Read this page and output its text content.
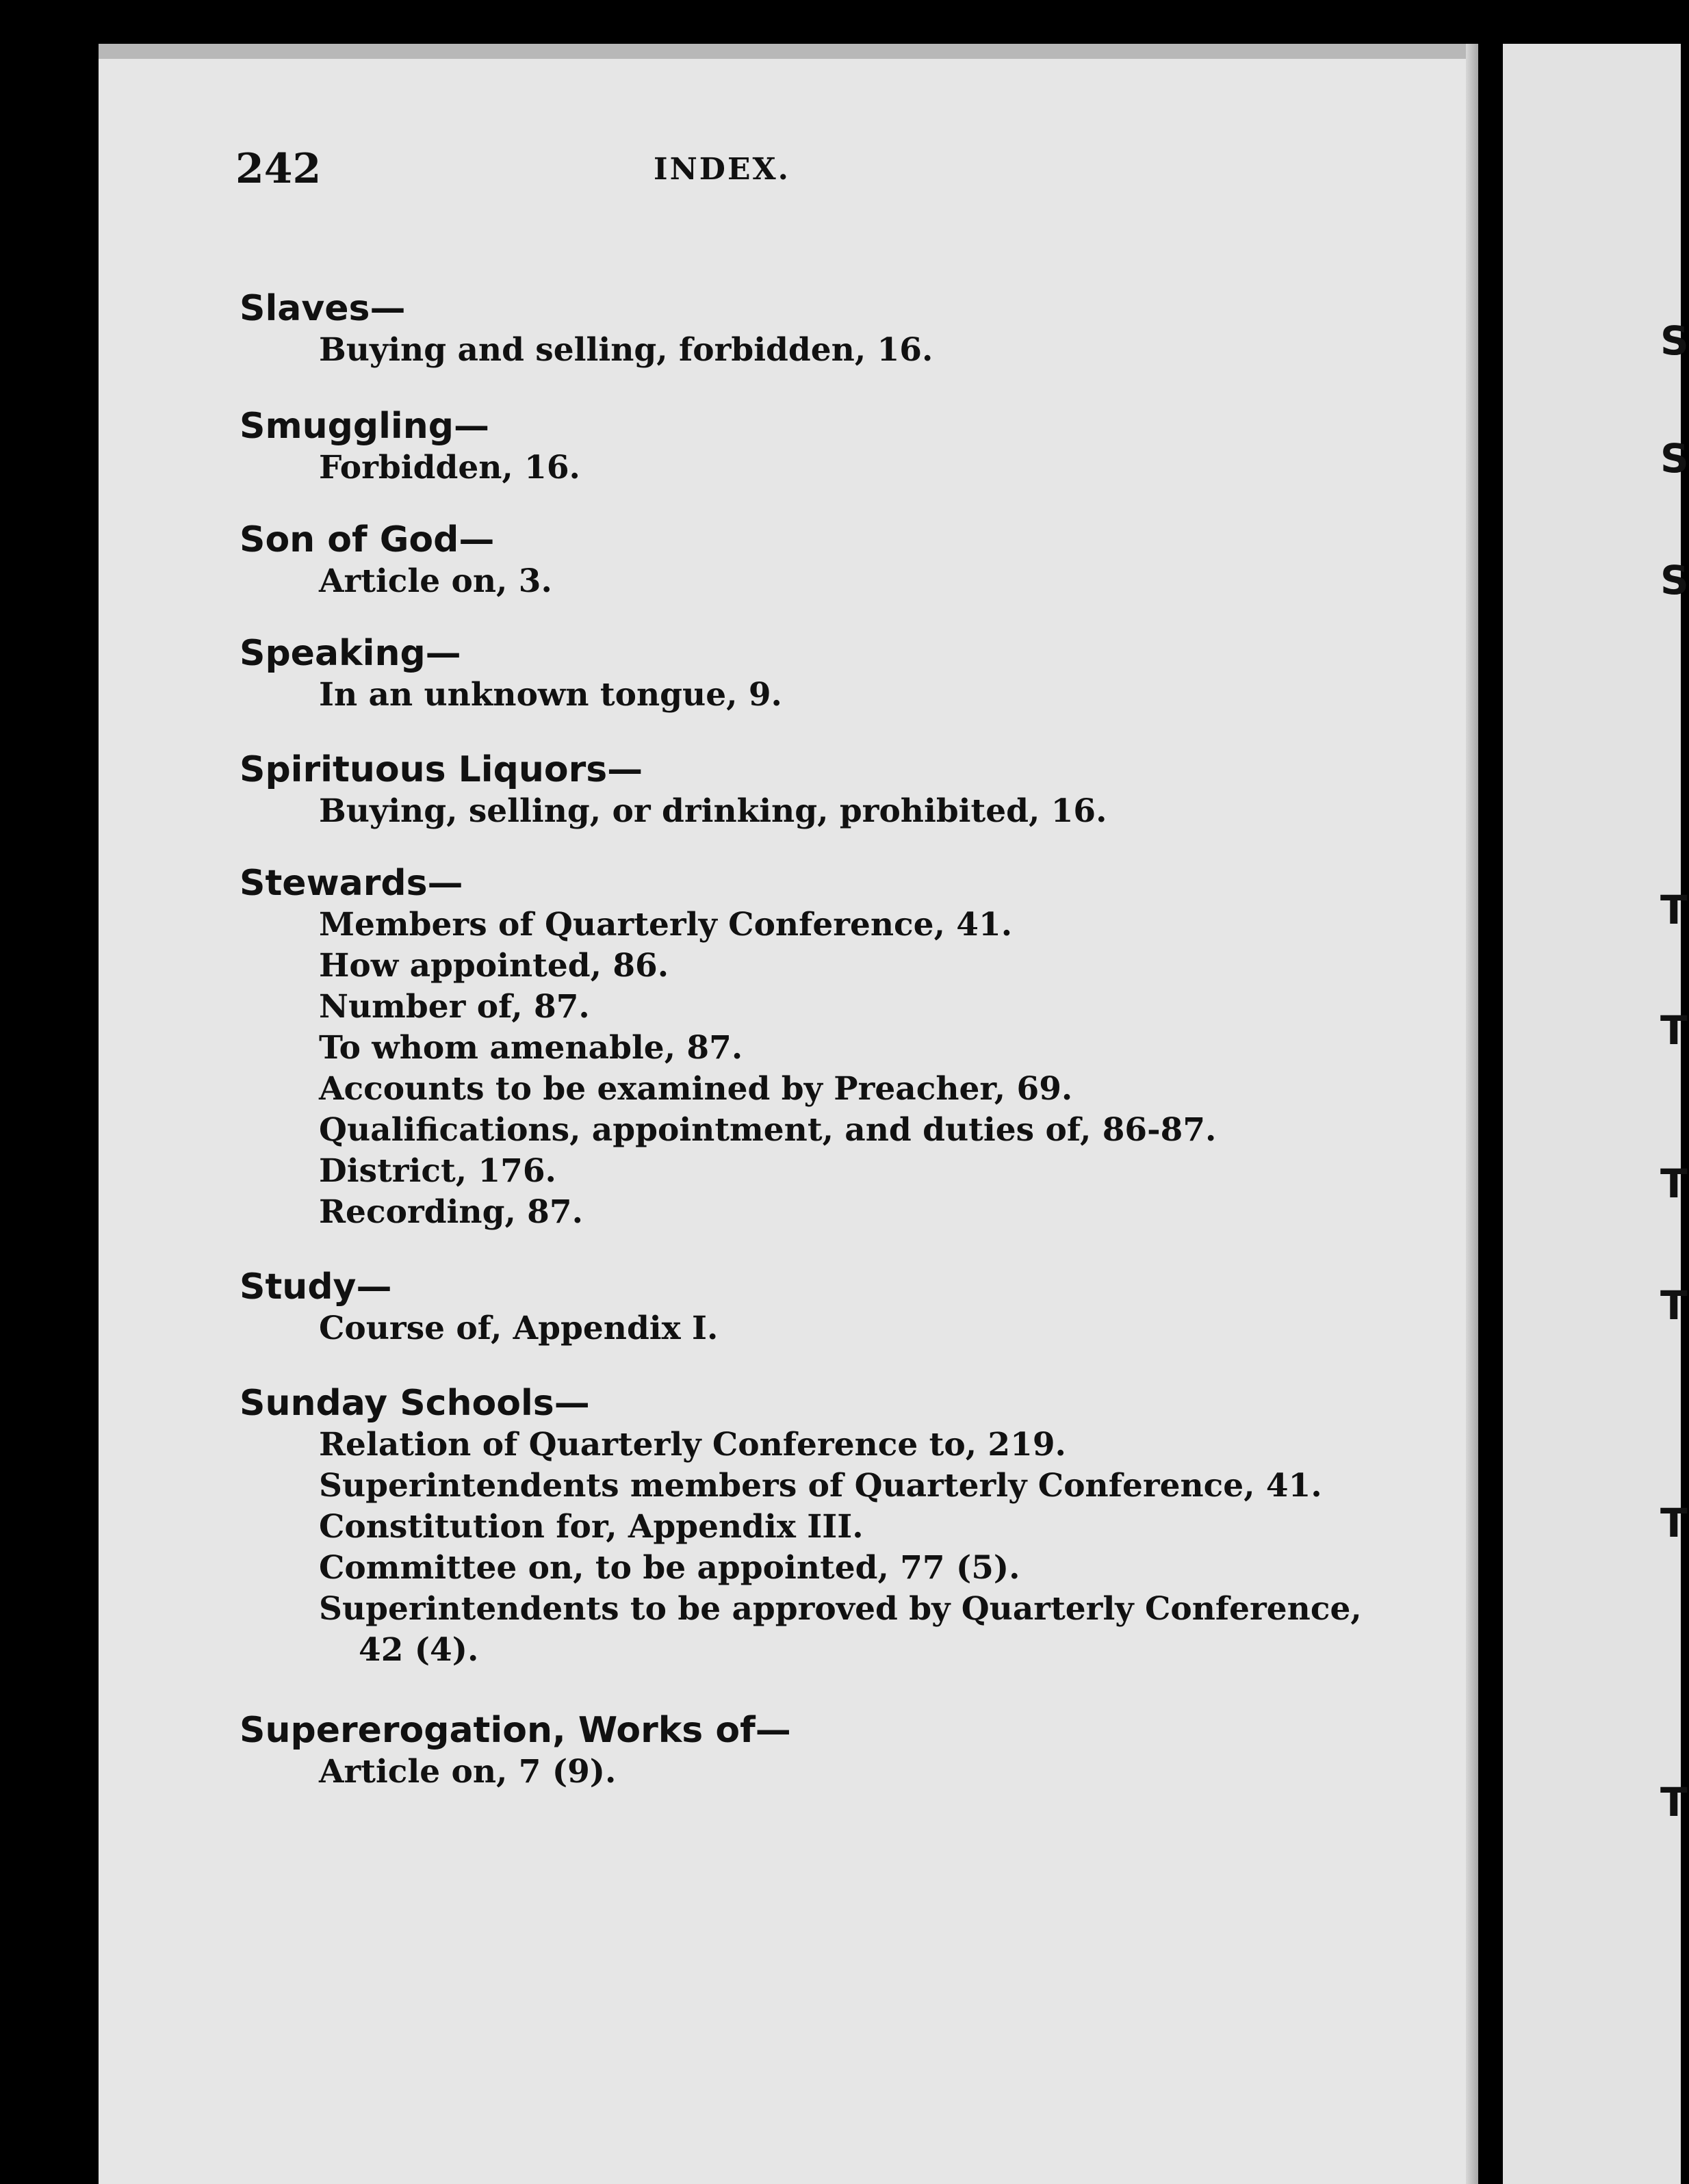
S
S
S
T
T
T
T
T
T
242	INDEX.
Slaves—
Buying and selling, forbidden, 16.
Smuggling—
Forbidden, 16.
Son of God—
Article on, 3.
Speaking—
In an unknown tongue, 9.
Spirituous Liquors—
Buying, selling, or drinking, prohibited, 16.
Stewards—
Members of Quarterly Conference, 41.
How appointed, 86.
Number of, 87.
To whom amenable, 87.
Accounts to be examined by Preacher, 69.
Qualifications, appointment, and duties of, 86-87.
District, 176.
Recording, 87.
Study—
Course of, Appendix I.
Sunday Schools—
Relation of Quarterly Conference to, 219.
Superintendents members of Quarterly Conference, 41.
Constitution for, Appendix III.
Committee on, to be appointed, 77 (5).
Superintendents to be approved by Quarterly Conference, 42 (4).
Supererogation, Works of—
Article on, 7 (9).
